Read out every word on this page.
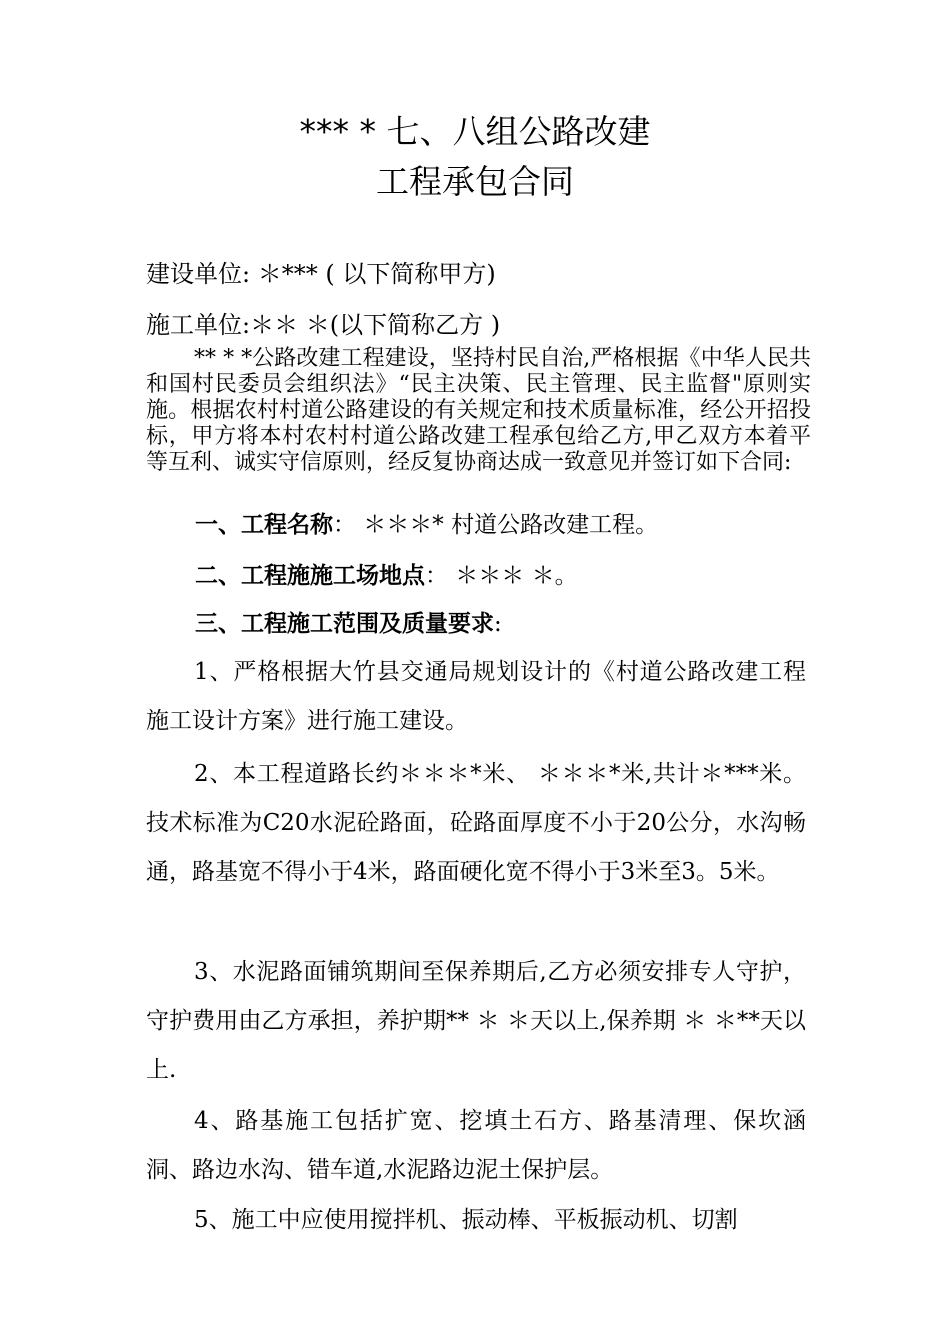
*** * 七、八组公路改建
工程承包合同
建设单位: ＊*** ( 以下简称甲方)
施工单位:＊＊ ＊(以下简称乙方 )
** * *公路改建工程建设，坚持村民自治,严格根据《中华人民共和国村民委员会组织法》“民主决策、民主管理、民主监督"原则实施。根据农村村道公路建设的有关规定和技术质量标准，经公开招投标，甲方将本村农村村道公路改建工程承包给乙方,甲乙双方本着平等互利、诚实守信原则，经反复协商达成一致意见并签订如下合同:
一、工程名称： ＊＊＊* 村道公路改建工程。
二、工程施施工场地点： ＊＊＊ ＊。
三、工程施工范围及质量要求:
1、严格根据大竹县交通局规划设计的《村道公路改建工程施工设计方案》进行施工建设。
2、本工程道路长约＊＊＊*米、 ＊＊＊*米,共计＊***米。技术标准为C20水泥砼路面，砼路面厚度不小于20公分，水沟畅通，路基宽不得小于4米，路面硬化宽不得小于3米至3。5米。
3、水泥路面铺筑期间至保养期后,乙方必须安排专人守护，守护费用由乙方承担，养护期** ＊ ＊天以上,保养期 ＊ ＊**天以上.
4、路基施工包括扩宽、挖填土石方、路基清理、保坎涵洞、路边水沟、错车道,水泥路边泥土保护层。
5、施工中应使用搅拌机、振动棒、平板振动机、切割
